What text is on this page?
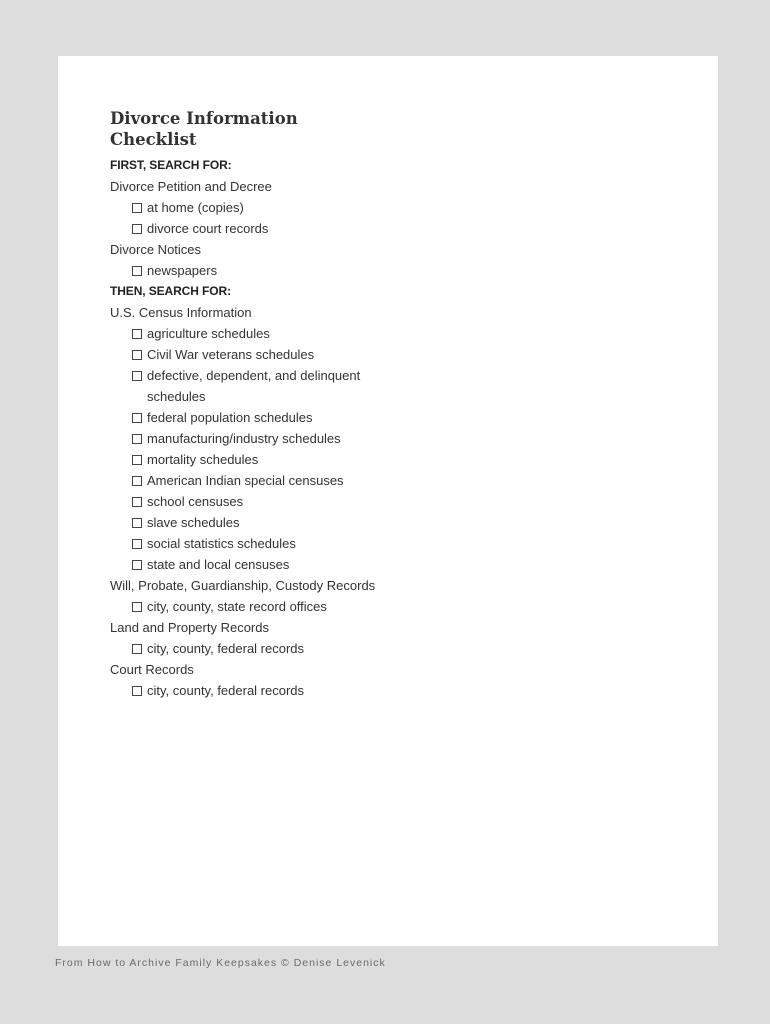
Divorce Information Checklist
FIRST, SEARCH FOR:
Divorce Petition and Decree
at home (copies)
divorce court records
Divorce Notices
newspapers
THEN, SEARCH FOR:
U.S. Census Information
agriculture schedules
Civil War veterans schedules
defective, dependent, and delinquent schedules
federal population schedules
manufacturing/industry schedules
mortality schedules
American Indian special censuses
school censuses
slave schedules
social statistics schedules
state and local censuses
Will, Probate, Guardianship, Custody Records
city, county, state record offices
Land and Property Records
city, county, federal records
Court Records
city, county, federal records
From How to Archive Family Keepsakes © Denise Levenick
